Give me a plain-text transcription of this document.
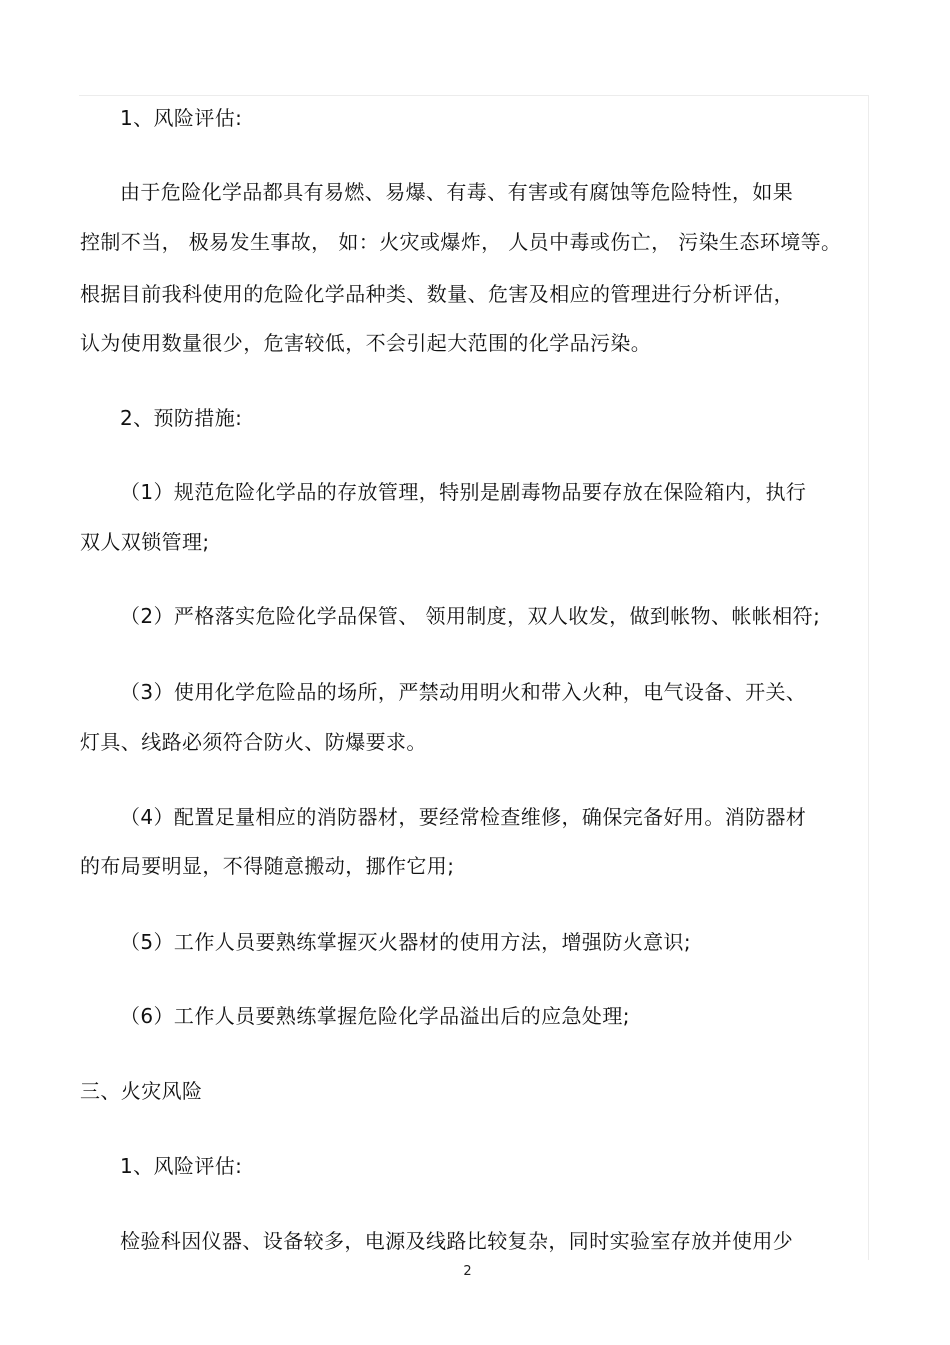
1、风险评估:
由于危险化学品都具有易燃、易爆、有毒、有害或有腐蚀等危险特性，如果
控制不当， 极易发生事故， 如：火灾或爆炸， 人员中毒或伤亡， 污染生态环境等。
根据目前我科使用的危险化学品种类、数量、危害及相应的管理进行分析评估，
认为使用数量很少，危害较低，不会引起大范围的化学品污染。
2、预防措施:
（1）规范危险化学品的存放管理，特别是剧毒物品要存放在保险箱内，执行
双人双锁管理;
（2）严格落实危险化学品保管、 领用制度，双人收发，做到帐物、帐帐相符;
（3）使用化学危险品的场所，严禁动用明火和带入火种，电气设备、开关、
灯具、线路必须符合防火、防爆要求。
（4）配置足量相应的消防器材，要经常检查维修，确保完备好用。消防器材
的布局要明显，不得随意搬动，挪作它用;
（5）工作人员要熟练掌握灭火器材的使用方法，增强防火意识;
（6）工作人员要熟练掌握危险化学品溢出后的应急处理;
三、火灾风险
1、风险评估:
检验科因仪器、设备较多，电源及线路比较复杂，同时实验室存放并使用少
2
